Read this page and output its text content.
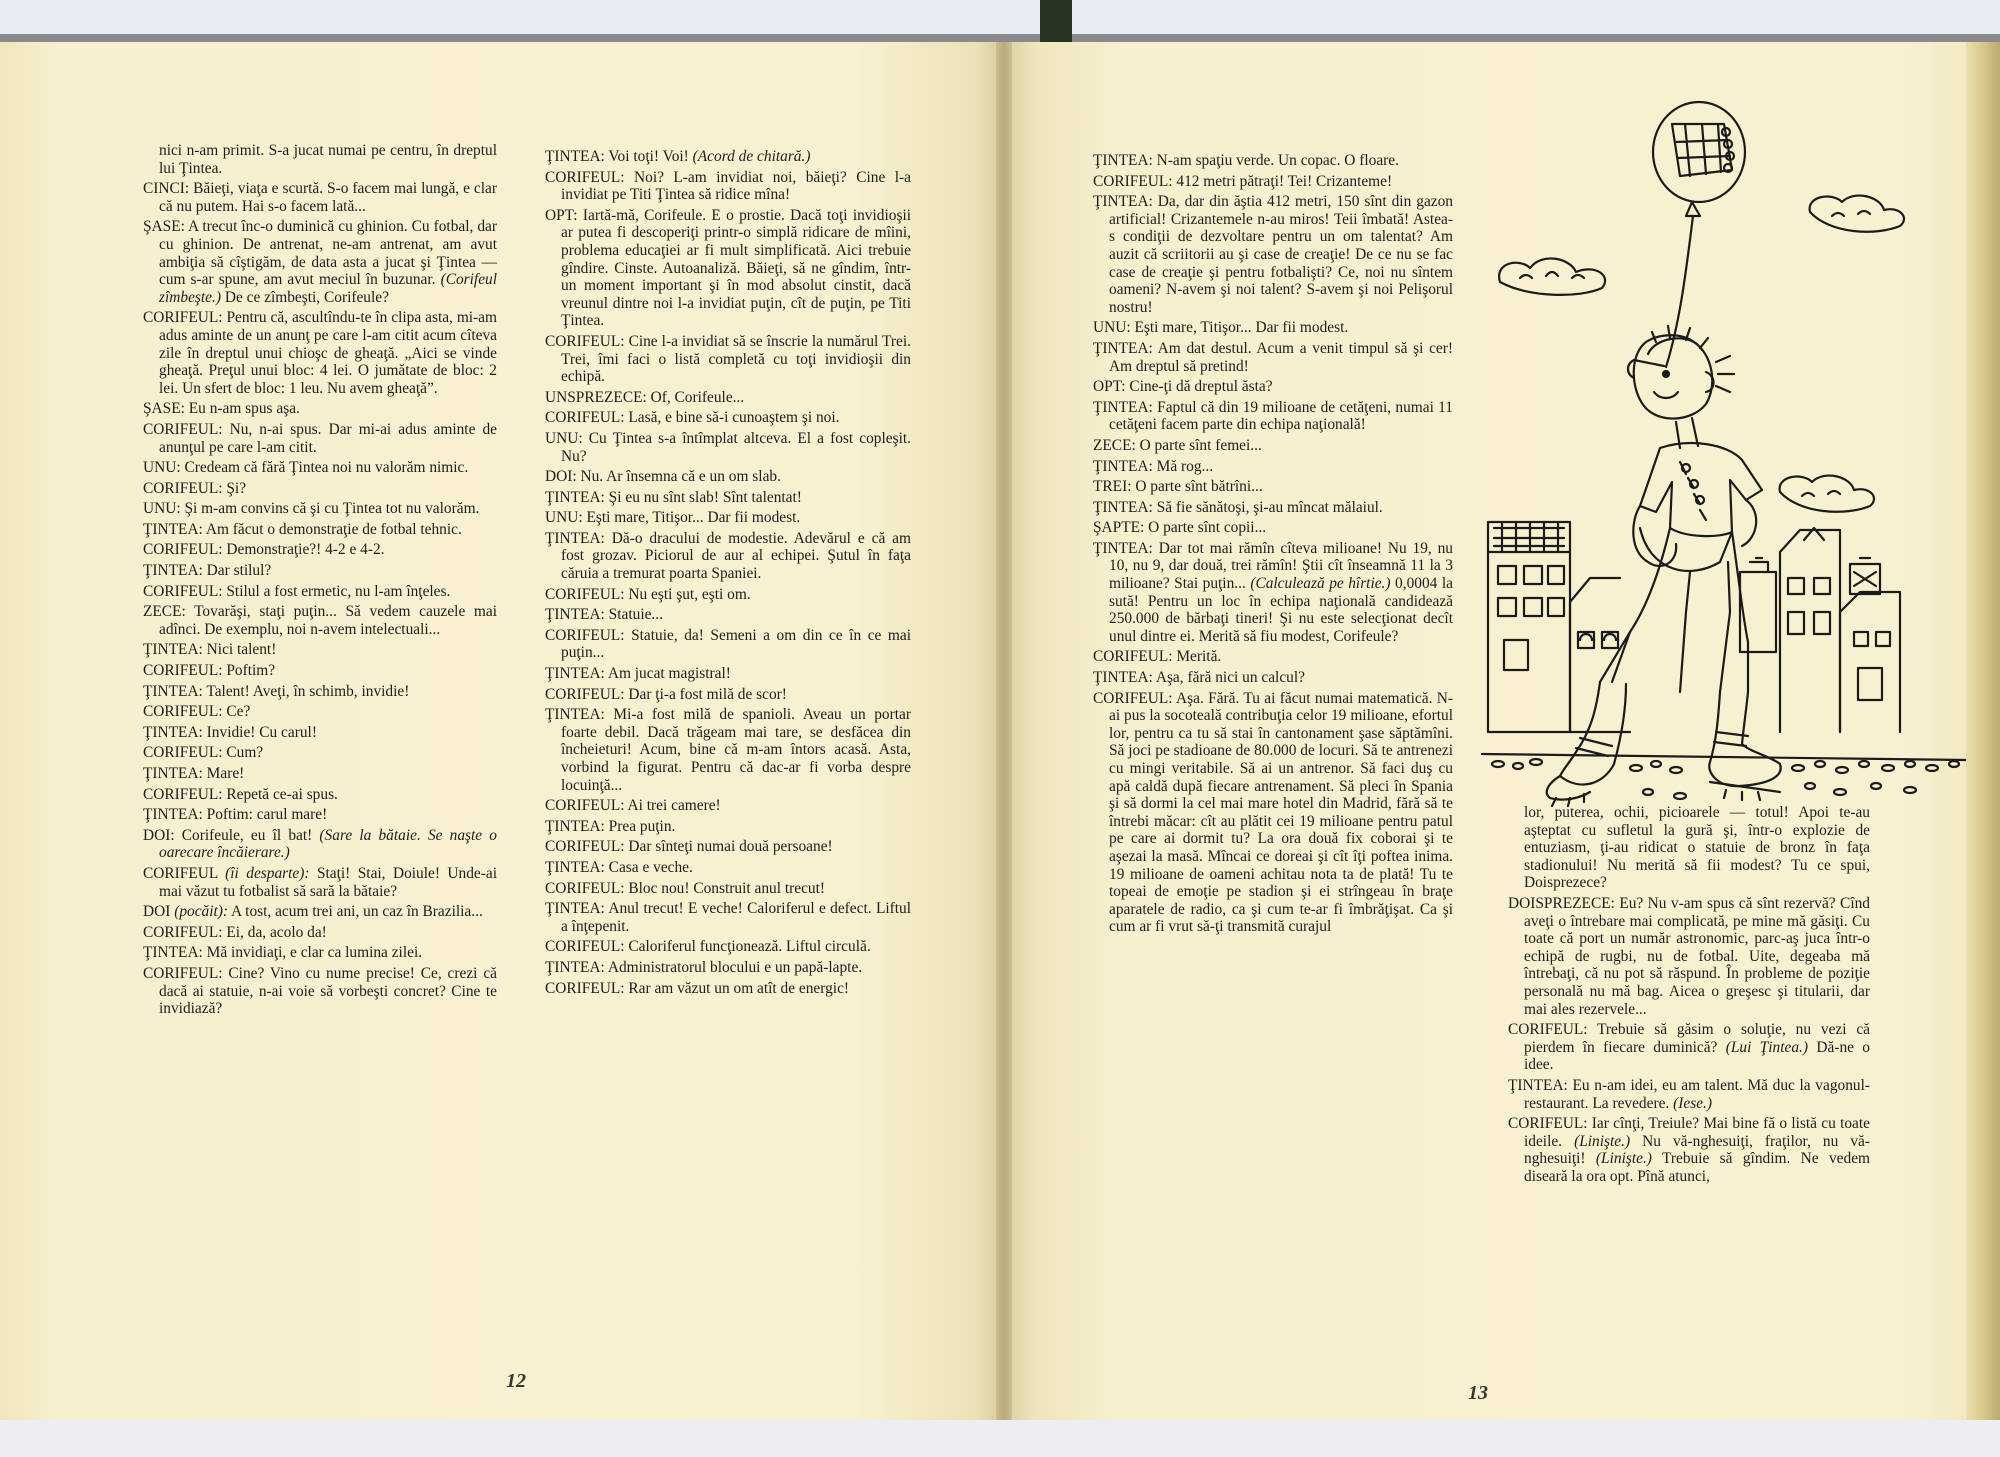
nici n-am primit. S-a jucat numai pe centru, în dreptul lui Ţintea.

CINCI: Băieţi, viaţa e scurtă. S-o facem mai lungă, e clar că nu putem. Hai s-o facem lată...

ŞASE: A trecut înc-o duminică cu ghinion. Cu fotbal, dar cu ghinion. De antrenat, ne-am antrenat, am avut ambiţia să cîştigăm, de data asta a jucat şi Ţintea — cum s-ar spune, am avut meciul în buzunar. (Corifeul zîmbeşte.) De ce zîmbeşti, Corifeule?

CORIFEUL: Pentru că, ascultîndu-te în clipa asta, mi-am adus aminte de un anunţ pe care l-am citit acum cîteva zile în dreptul unui chioşc de gheaţă. „Aici se vinde gheaţă. Preţul unui bloc: 4 lei. O jumătate de bloc: 2 lei. Un sfert de bloc: 1 leu. Nu avem gheaţă”.

ŞASE: Eu n-am spus aşa.

CORIFEUL: Nu, n-ai spus. Dar mi-ai adus aminte de anunţul pe care l-am citit.

UNU: Credeam că fără Ţintea noi nu valorăm nimic.

CORIFEUL: Şi?

UNU: Şi m-am convins că şi cu Ţintea tot nu valorăm.

ŢINTEA: Am făcut o demonstraţie de fotbal tehnic.

CORIFEUL: Demonstraţie?! 4-2 e 4-2.

ŢINTEA: Dar stilul?

CORIFEUL: Stilul a fost ermetic, nu l-am înţeles.

ZECE: Tovarăşi, staţi puţin... Să vedem cauzele mai adînci. De exemplu, noi n-avem intelectuali...

ŢINTEA: Nici talent!

CORIFEUL: Poftim?

ŢINTEA: Talent! Aveţi, în schimb, invidie!

CORIFEUL: Ce?

ŢINTEA: Invidie! Cu carul!

CORIFEUL: Cum?

ŢINTEA: Mare!

CORIFEUL: Repetă ce-ai spus.

ŢINTEA: Poftim: carul mare!

DOI: Corifeule, eu îl bat! (Sare la bătaie. Se naşte o oarecare încăierare.)

CORIFEUL (îi desparte): Staţi! Stai, Doiule! Unde-ai mai văzut tu fotbalist să sară la bătaie?

DOI (pocăit): A tost, acum trei ani, un caz în Brazilia...

CORIFEUL: Ei, da, acolo da!

ŢINTEA: Mă invidiaţi, e clar ca lumina zilei.

CORIFEUL: Cine? Vino cu nume precise! Ce, crezi că dacă ai statuie, n-ai voie să vorbeşti concret? Cine te invidiază?

ŢINTEA: Voi toţi! Voi! (Acord de chitară.)

CORIFEUL: Noi? L-am invidiat noi, băieţi? Cine l-a invidiat pe Titi Ţintea să ridice mîna!

OPT: Iartă-mă, Corifeule. E o prostie. Dacă toţi invidioşii ar putea fi descoperiţi printr-o simplă ridicare de mîini, problema educaţiei ar fi mult simplificată. Aici trebuie gîndire. Cinste. Autoanaliză. Băieţi, să ne gîndim, într-un moment important şi în mod absolut cinstit, dacă vreunul dintre noi l-a invidiat puţin, cît de puţin, pe Titi Ţintea.

CORIFEUL: Cine l-a invidiat să se înscrie la numărul Trei. Trei, îmi faci o listă completă cu toţi invidioşii din echipă.

UNSPREZECE: Of, Corifeule...

CORIFEUL: Lasă, e bine să-i cunoaştem şi noi.

UNU: Cu Ţintea s-a întîmplat altceva. El a fost copleşit. Nu?

DOI: Nu. Ar însemna că e un om slab.

ŢINTEA: Şi eu nu sînt slab! Sînt talentat!

UNU: Eşti mare, Titişor... Dar fii modest.

ŢINTEA: Dă-o dracului de modestie. Adevărul e că am fost grozav. Piciorul de aur al echipei. Şutul în faţa căruia a tremurat poarta Spaniei.

CORIFEUL: Nu eşti şut, eşti om.

ŢINTEA: Statuie...

CORIFEUL: Statuie, da! Semeni a om din ce în ce mai puţin...

ŢINTEA: Am jucat magistral!

CORIFEUL: Dar ţi-a fost milă de scor!

ŢINTEA: Mi-a fost milă de spanioli. Aveau un portar foarte debil. Dacă trăgeam mai tare, se desfăcea din încheieturi! Acum, bine că m-am întors acasă. Asta, vorbind la figurat. Pentru că dac-ar fi vorba despre locuinţă...

CORIFEUL: Ai trei camere!

ŢINTEA: Prea puţin.

CORIFEUL: Dar sînteţi numai două persoane!

ŢINTEA: Casa e veche.

CORIFEUL: Bloc nou! Construit anul trecut!

ŢINTEA: Anul trecut! E veche! Caloriferul e defect. Liftul a înţepenit.

CORIFEUL: Caloriferul funcţionează. Liftul circulă.

ŢINTEA: Administratorul blocului e un papă-lapte.

CORIFEUL: Rar am văzut un om atît de energic!

12

ŢINTEA: N-am spaţiu verde. Un copac. O floare.

CORIFEUL: 412 metri pătraţi! Tei! Crizanteme!

ŢINTEA: Da, dar din ăştia 412 metri, 150 sînt din gazon artificial! Crizantemele n-au miros! Teii îmbată! Astea-s condiţii de dezvoltare pentru un om talentat? Am auzit că scriitorii au şi case de creaţie! De ce nu se fac case de creaţie şi pentru fotbalişti? Ce, noi nu sîntem oameni? N-avem şi noi talent? S-avem şi noi Pelişorul nostru!

UNU: Eşti mare, Titişor... Dar fii modest.

ŢINTEA: Am dat destul. Acum a venit timpul să şi cer! Am dreptul să pretind!

OPT: Cine-ţi dă dreptul ăsta?

ŢINTEA: Faptul că din 19 milioane de cetăţeni, numai 11 cetăţeni facem parte din echipa naţională!

ZECE: O parte sînt femei...

ŢINTEA: Mă rog...

TREI: O parte sînt bătrîni...

ŢINTEA: Să fie sănătoşi, şi-au mîncat mălaiul.

ŞAPTE: O parte sînt copii...

ŢINTEA: Dar tot mai rămîn cîteva milioane! Nu 19, nu 10, nu 9, dar două, trei rămîn! Ştii cît înseamnă 11 la 3 milioane? Stai puţin... (Calculează pe hîrtie.) 0,0004 la sută! Pentru un loc în echipa naţională candidează 250.000 de bărbaţi tineri! Şi nu este selecţionat decît unul dintre ei. Merită să fiu modest, Corifeule?

CORIFEUL: Merită.

ŢINTEA: Aşa, fără nici un calcul?

CORIFEUL: Aşa. Fără. Tu ai făcut numai matematică. N-ai pus la socoteală contribuţia celor 19 milioane, efortul lor, pentru ca tu să stai în cantonament şase săptămîni. Să joci pe stadioane de 80.000 de locuri. Să te antrenezi cu mingi veritabile. Să ai un antrenor. Să faci duş cu apă caldă după fiecare antrenament. Să pleci în Spania şi să dormi la cel mai mare hotel din Madrid, fără să te întrebi măcar: cît au plătit cei 19 milioane pentru patul pe care ai dormit tu? La ora două fix coborai şi te aşezai la masă. Mîncai ce doreai şi cît îţi poftea inima. 19 milioane de oameni achitau nota ta de plată! Tu te topeai de emoţie pe stadion şi ei strîngeau în braţe aparatele de radio, ca şi cum te-ar fi îmbrăţişat. Ca şi cum ar fi vrut să-ţi transmită curajul

lor, puterea, ochii, picioarele — totul! Apoi te-au aşteptat cu sufletul la gură şi, într-o explozie de entuziasm, ţi-au ridicat o statuie de bronz în faţa stadionului! Nu merită să fii modest? Tu ce spui, Doisprezece?

DOISPREZECE: Eu? Nu v-am spus că sînt rezervă? Cînd aveţi o întrebare mai complicată, pe mine mă găsiţi. Cu toate că port un număr astronomic, parc-aş juca într-o echipă de rugbi, nu de fotbal. Uite, degeaba mă întrebaţi, că nu pot să răspund. În probleme de poziţie personală nu mă bag. Aicea o greşesc şi titularii, dar mai ales rezervele...

CORIFEUL: Trebuie să găsim o soluţie, nu vezi că pierdem în fiecare duminică? (Lui Ţintea.) Dă-ne o idee.

ŢINTEA: Eu n-am idei, eu am talent. Mă duc la vagonul-restaurant. La revedere. (Iese.)

CORIFEUL: Iar cînţi, Treiule? Mai bine fă o listă cu toate ideile. (Linişte.) Nu vă-nghesuiţi, fraţilor, nu vă-nghesuiţi! (Linişte.) Trebuie să gîndim. Ne vedem diseară la ora opt. Pînă atunci,

13
